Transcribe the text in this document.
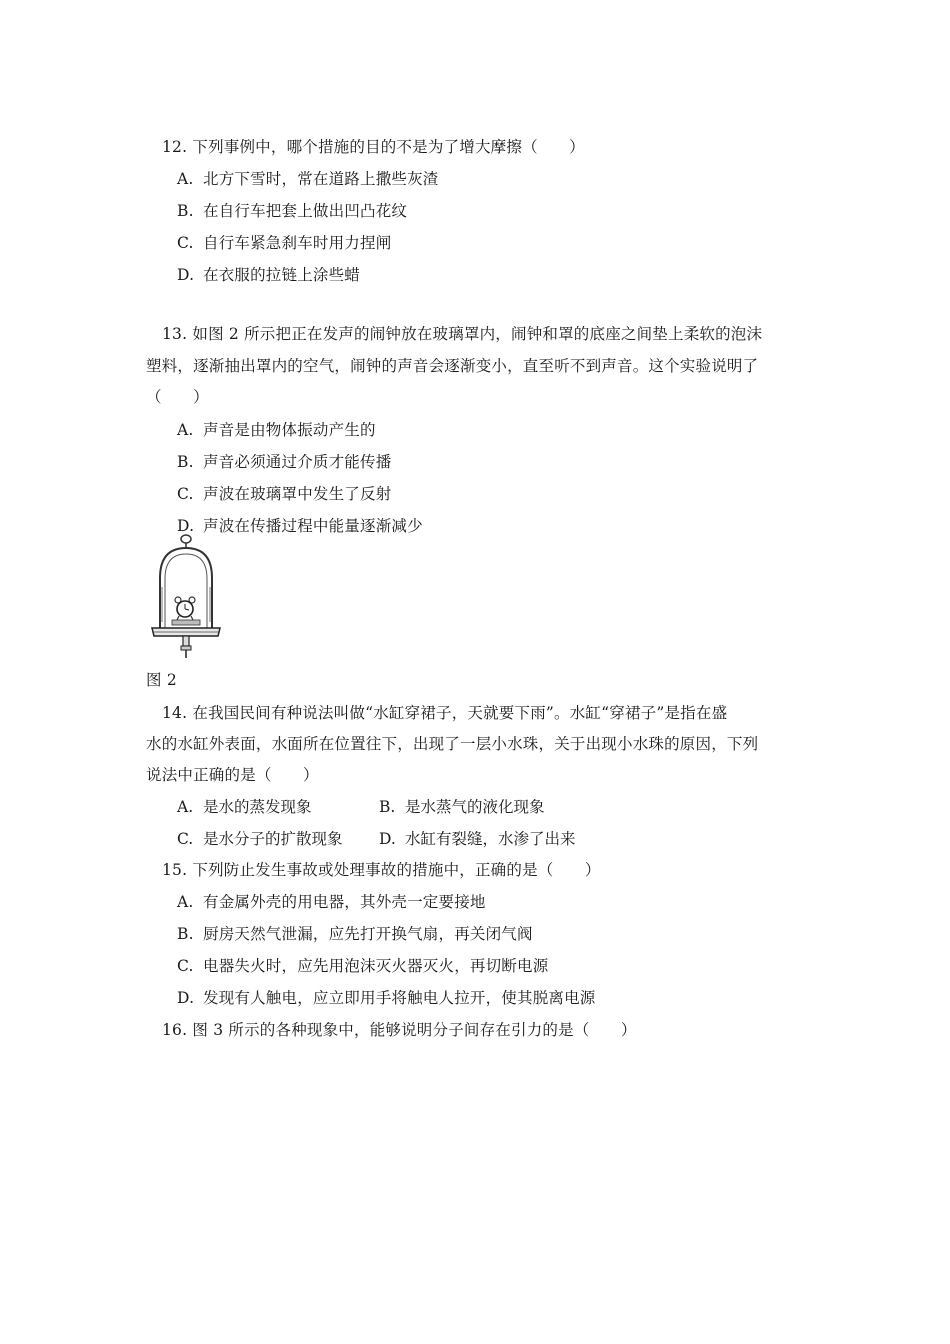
12. 下列事例中，哪个措施的目的不是为了增大摩擦（　　）
A. 北方下雪时，常在道路上撒些灰渣
B. 在自行车把套上做出凹凸花纹
C. 自行车紧急刹车时用力捏闸
D. 在衣服的拉链上涂些蜡
13. 如图 2 所示把正在发声的闹钟放在玻璃罩内，闹钟和罩的底座之间垫上柔软的泡沫
塑料，逐渐抽出罩内的空气，闹钟的声音会逐渐变小，直至听不到声音。这个实验说明了
（　　）
A. 声音是由物体振动产生的
B. 声音必须通过介质才能传播
C. 声波在玻璃罩中发生了反射
D. 声波在传播过程中能量逐渐减少
图 2
14. 在我国民间有种说法叫做“水缸穿裙子，天就要下雨”。水缸“穿裙子”是指在盛
水的水缸外表面，水面所在位置往下，出现了一层小水珠，关于出现小水珠的原因，下列
说法中正确的是（　　）
A. 是水的蒸发现象	B. 是水蒸气的液化现象
C. 是水分子的扩散现象 D. 水缸有裂缝，水渗了出来
15. 下列防止发生事故或处理事故的措施中，正确的是（　　）
A. 有金属外壳的用电器，其外壳一定要接地
B. 厨房天然气泄漏，应先打开换气扇，再关闭气阀
C. 电器失火时，应先用泡沫灭火器灭火，再切断电源
D. 发现有人触电，应立即用手将触电人拉开，使其脱离电源
16. 图 3 所示的各种现象中，能够说明分子间存在引力的是（　　）
